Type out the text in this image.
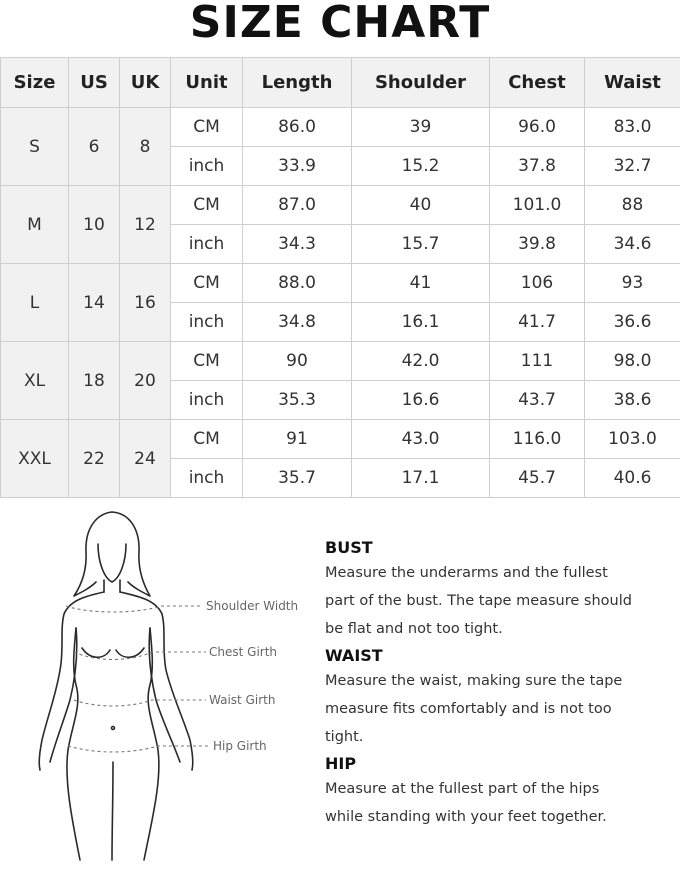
SIZE CHART
Size	US	UK	Unit	Length	Shoulder	Chest	Waist
S	6	8	CM	86.0	39	96.0	83.0
			inch	33.9	15.2	37.8	32.7
M	10	12	CM	87.0	40	101.0	88
			inch	34.3	15.7	39.8	34.6
L	14	16	CM	88.0	41	106	93
			inch	34.8	16.1	41.7	36.6
XL	18	20	CM	90	42.0	111	98.0
			inch	35.3	16.6	43.7	38.6
XXL	22	24	CM	91	43.0	116.0	103.0
			inch	35.7	17.1	45.7	40.6
Shoulder Width
Chest Girth
Waist Girth
Hip Girth
BUST

Measure the underarms and the fullest
part of the bust. The tape measure should
be flat and not too tight.

WAIST

Measure the waist, making sure the tape
measure fits comfortably and is not too
tight.

HIP

Measure at the fullest part of the hips
while standing with your feet together.
